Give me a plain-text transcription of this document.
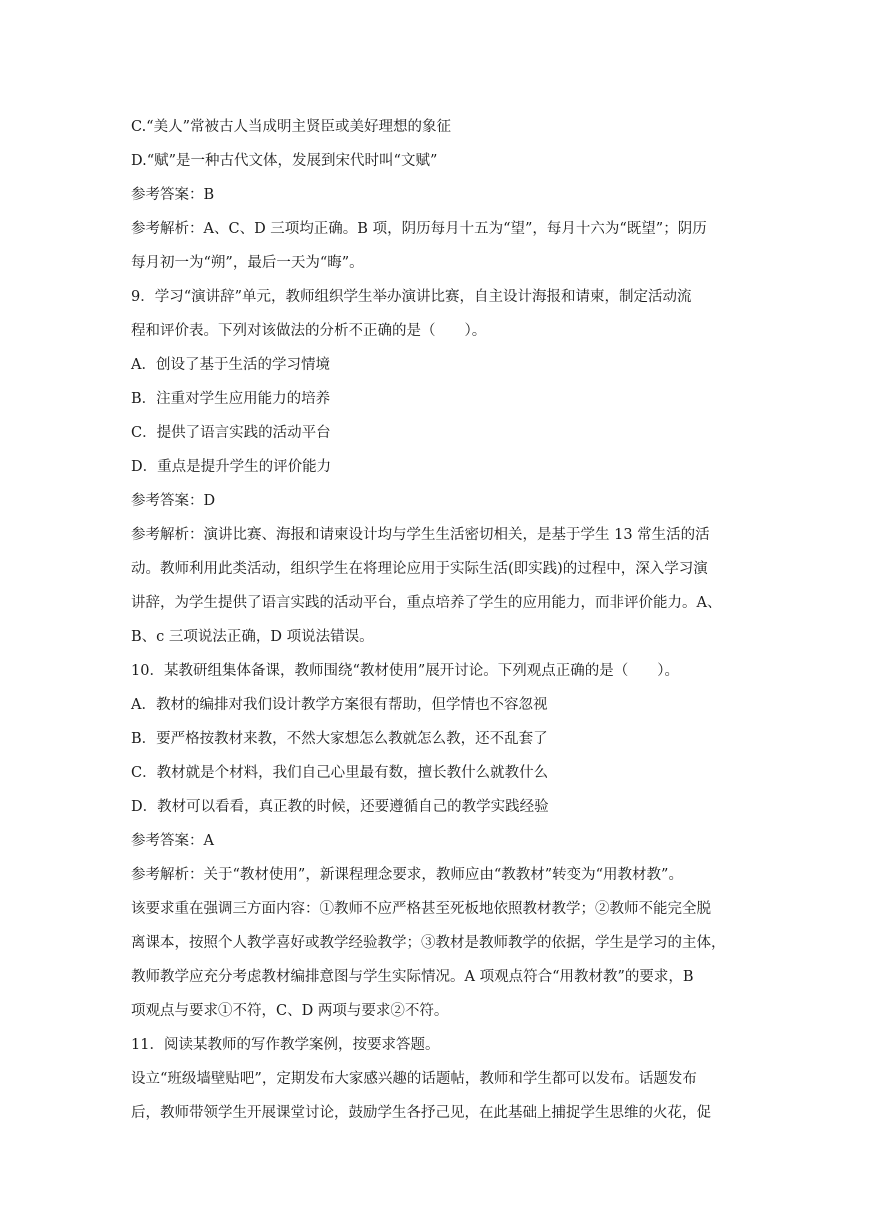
C.“美人”常被古人当成明主贤臣或美好理想的象征
D.“赋”是一种古代文体，发展到宋代时叫“文赋”
参考答案：B
参考解析：A、C、D 三项均正确。B 项，阴历每月十五为“望”，每月十六为“既望”；阴历
每月初一为“朔”，最后一天为“晦”。
9．学习“演讲辞”单元，教师组织学生举办演讲比赛，自主设计海报和请柬，制定活动流
程和评价表。下列对该做法的分析不正确的是（　　）。
A．创设了基于生活的学习情境
B．注重对学生应用能力的培养
C．提供了语言实践的活动平台
D．重点是提升学生的评价能力
参考答案：D
参考解析：演讲比赛、海报和请柬设计均与学生生活密切相关，是基于学生 13 常生活的活
动。教师利用此类活动，组织学生在将理论应用于实际生活(即实践)的过程中，深入学习演
讲辞，为学生提供了语言实践的活动平台，重点培养了学生的应用能力，而非评价能力。A、
B、c 三项说法正确，D 项说法错误。
10．某教研组集体备课，教师围绕“教材使用”展开讨论。下列观点正确的是（　　）。
A．教材的编排对我们设计教学方案很有帮助，但学情也不容忽视
B．要严格按教材来教，不然大家想怎么教就怎么教，还不乱套了
C．教材就是个材料，我们自己心里最有数，擅长教什么就教什么
D．教材可以看看，真正教的时候，还要遵循自己的教学实践经验
参考答案：A
参考解析：关于“教材使用”，新课程理念要求，教师应由“教教材”转变为“用教材教”。
该要求重在强调三方面内容：①教师不应严格甚至死板地依照教材教学；②教师不能完全脱
离课本，按照个人教学喜好或教学经验教学；③教材是教师教学的依据，学生是学习的主体，
教师教学应充分考虑教材编排意图与学生实际情况。A 项观点符合“用教材教”的要求，B
项观点与要求①不符，C、D 两项与要求②不符。
11．阅读某教师的写作教学案例，按要求答题。
设立“班级墙壁贴吧”，定期发布大家感兴趣的话题帖，教师和学生都可以发布。话题发布
后，教师带领学生开展课堂讨论，鼓励学生各抒己见，在此基础上捕捉学生思维的火花，促
